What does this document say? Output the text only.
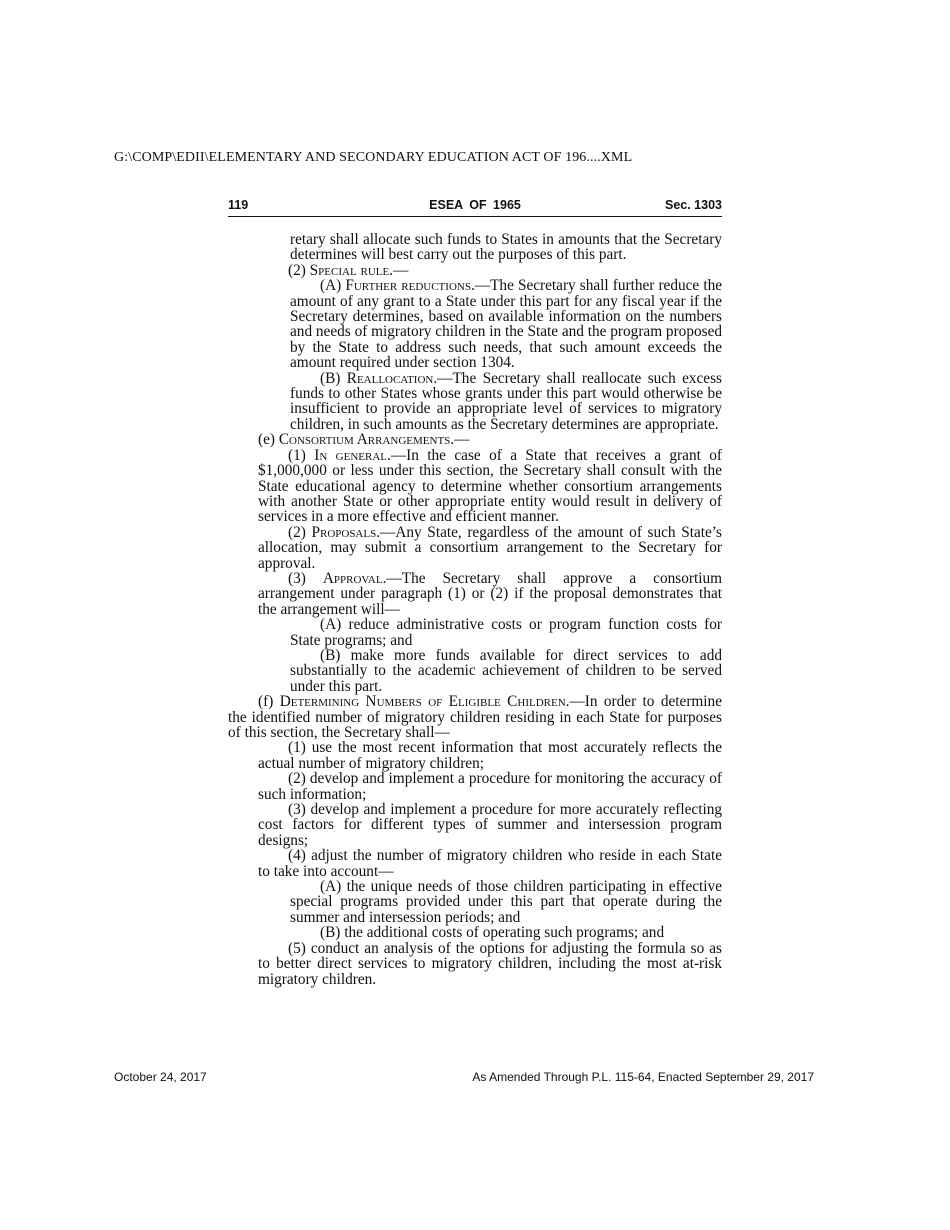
G:\COMP\EDII\ELEMENTARY AND SECONDARY EDUCATION ACT OF 196....XML
119	ESEA OF 1965	Sec. 1303

retary shall allocate such funds to States in amounts that the Secretary determines will best carry out the purposes of this part.

(2) Special rule.—

(A) Further reductions.—The Secretary shall further reduce the amount of any grant to a State under this part for any fiscal year if the Secretary determines, based on available information on the numbers and needs of migratory children in the State and the program proposed by the State to address such needs, that such amount exceeds the amount required under section 1304.

(B) Reallocation.—The Secretary shall reallocate such excess funds to other States whose grants under this part would otherwise be insufficient to provide an appropriate level of services to migratory children, in such amounts as the Secretary determines are appropriate.

(e) Consortium Arrangements.—

(1) In general.—In the case of a State that receives a grant of $1,000,000 or less under this section, the Secretary shall consult with the State educational agency to determine whether consortium arrangements with another State or other appropriate entity would result in delivery of services in a more effective and efficient manner.

(2) Proposals.—Any State, regardless of the amount of such State’s allocation, may submit a consortium arrangement to the Secretary for approval.

(3) Approval.—The Secretary shall approve a consortium arrangement under paragraph (1) or (2) if the proposal demonstrates that the arrangement will—

(A) reduce administrative costs or program function costs for State programs; and

(B) make more funds available for direct services to add substantially to the academic achievement of children to be served under this part.

(f) Determining Numbers of Eligible Children.—In order to determine the identified number of migratory children residing in each State for purposes of this section, the Secretary shall—

(1) use the most recent information that most accurately reflects the actual number of migratory children;

(2) develop and implement a procedure for monitoring the accuracy of such information;

(3) develop and implement a procedure for more accurately reflecting cost factors for different types of summer and intersession program designs;

(4) adjust the number of migratory children who reside in each State to take into account—

(A) the unique needs of those children participating in effective special programs provided under this part that operate during the summer and intersession periods; and

(B) the additional costs of operating such programs; and

(5) conduct an analysis of the options for adjusting the formula so as to better direct services to migratory children, including the most at-risk migratory children.

October 24, 2017	As Amended Through P.L. 115-64, Enacted September 29, 2017
